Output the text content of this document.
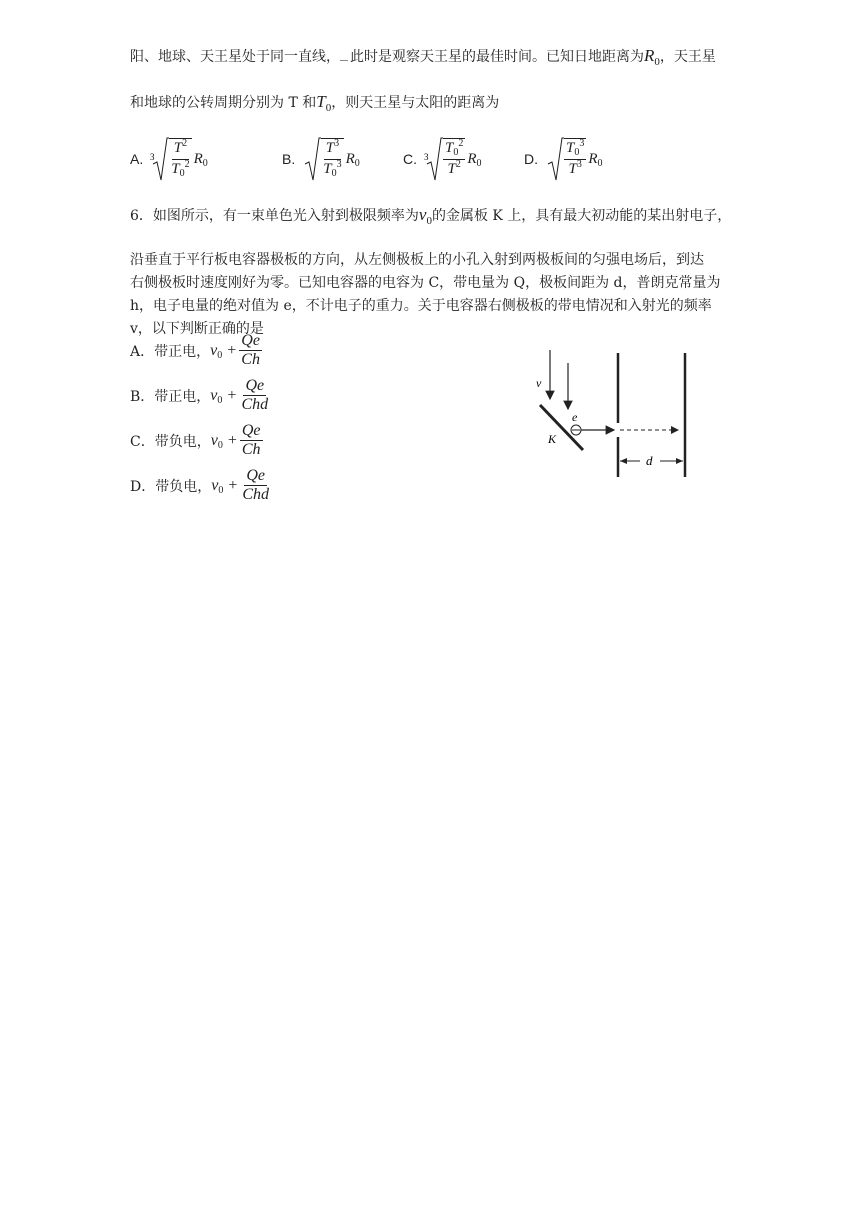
阳、地球、天王星处于同一直线， 此时是观察天王星的最佳时间。已知日地距离为$R_0$，天王星
和地球的公转周期分别为 T 和$T_0$，则天王星与太阳的距离为
A. $3 \frac{T^2}{T_0^2} R_0$	B. $\frac{T^3}{T_0^3} R_0$	C. $3 \frac{T_0^2}{T^2} R_0$	D. $\frac{T_0^3}{T^3} R_0$
6．如图所示，有一束单色光入射到极限频率为$v_0$的金属板 K 上，具有最大初动能的某出射电子，
沿垂直于平行板电容器极板的方向，从左侧极板上的小孔入射到两极板间的匀强电场后，到达
右侧极板时速度刚好为零。已知电容器的电容为 C，带电量为 Q，极板间距为 d，普朗克常量为
h，电子电量的绝对值为 e，不计电子的重力。关于电容器右侧极板的带电情况和入射光的频率
v，以下判断正确的是
A．带正电， $v0 + \frac{Qe}{Ch}$
B．带正电， $v0 + \frac{Qe}{\text{Chd}}$
C．带负电， $v0 + \frac{Qe}{Ch}$
D．带负电， $v0 + \frac{Qe}{\text{Chd}}$
v
K
e
d
